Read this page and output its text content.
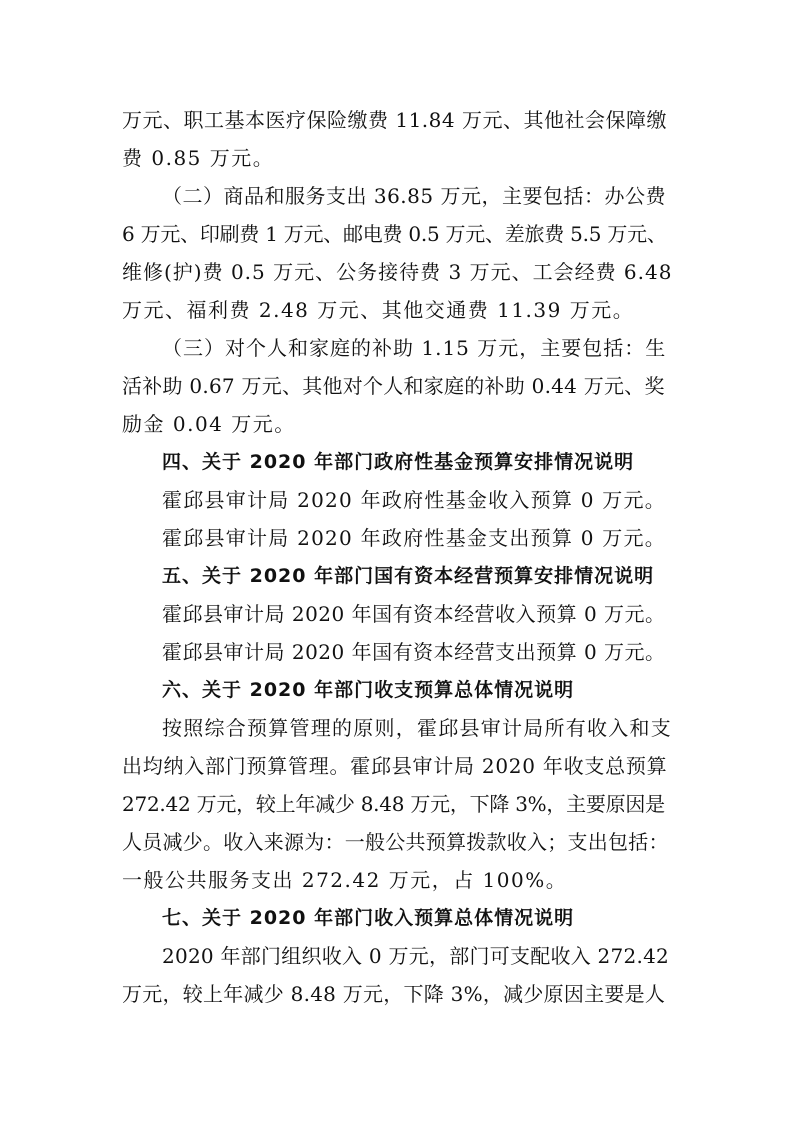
万元、职工基本医疗保险缴费 11.84 万元、其他社会保障缴
费 0.85 万元。
（二）商品和服务支出 36.85 万元，主要包括：办公费
6 万元、印刷费 1 万元、邮电费 0.5 万元、差旅费 5.5 万元、
维修(护)费 0.5 万元、公务接待费 3 万元、工会经费 6.48
万元、福利费 2.48 万元、其他交通费 11.39 万元。
（三）对个人和家庭的补助 1.15 万元，主要包括：生
活补助 0.67 万元、其他对个人和家庭的补助 0.44 万元、奖
励金 0.04 万元。
四、关于 2020 年部门政府性基金预算安排情况说明
霍邱县审计局 2020 年政府性基金收入预算 0 万元。
霍邱县审计局 2020 年政府性基金支出预算 0 万元。
五、关于 2020 年部门国有资本经营预算安排情况说明
霍邱县审计局 2020 年国有资本经营收入预算 0 万元。
霍邱县审计局 2020 年国有资本经营支出预算 0 万元。
六、关于 2020 年部门收支预算总体情况说明
按照综合预算管理的原则，霍邱县审计局所有收入和支
出均纳入部门预算管理。霍邱县审计局 2020 年收支总预算
272.42 万元，较上年减少 8.48 万元，下降 3%，主要原因是
人员减少。收入来源为：一般公共预算拨款收入；支出包括：
一般公共服务支出 272.42 万元，占 100%。
七、关于 2020 年部门收入预算总体情况说明
2020 年部门组织收入 0 万元，部门可支配收入 272.42
万元，较上年减少 8.48 万元，下降 3%，减少原因主要是人
